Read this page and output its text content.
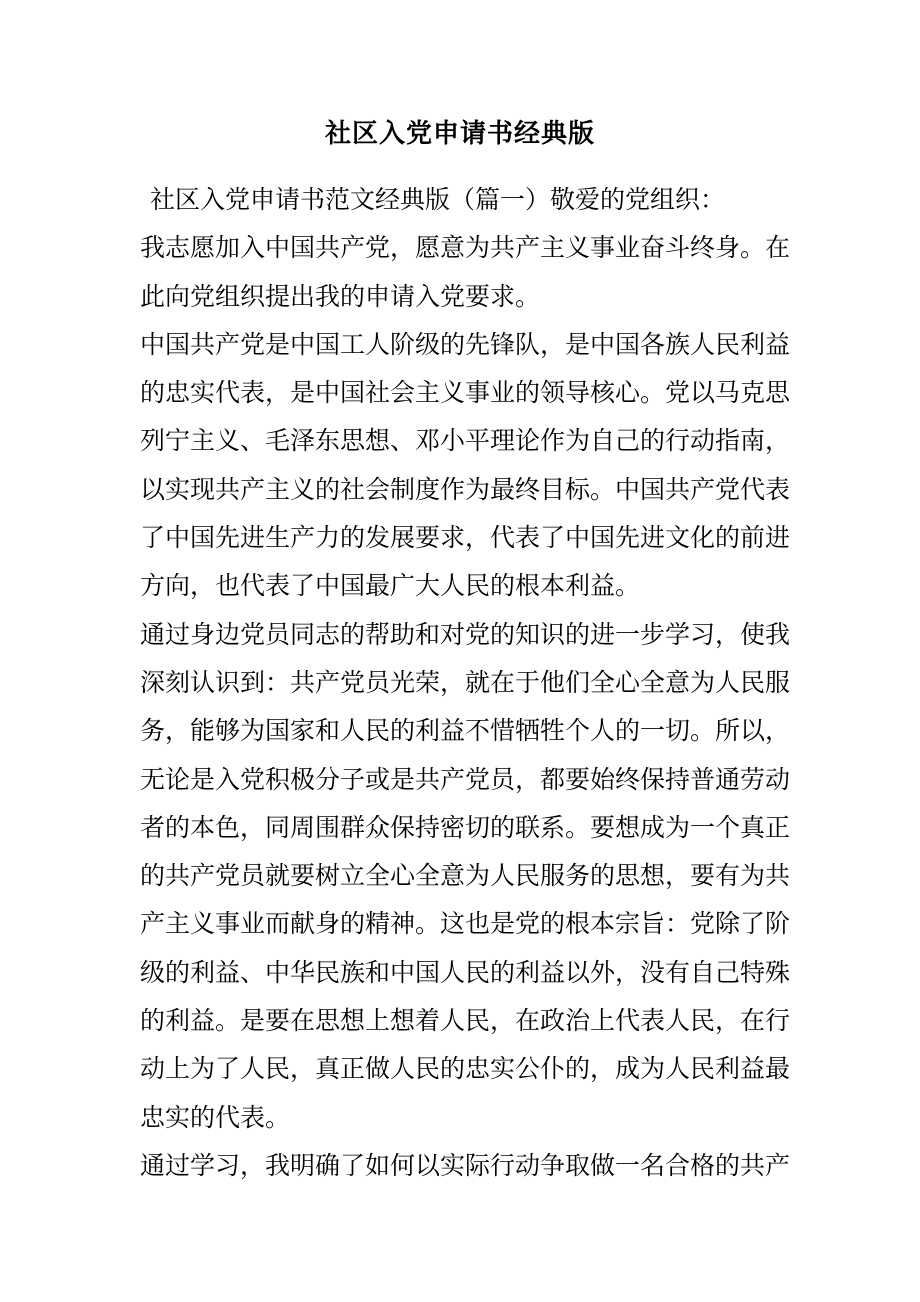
社区入党申请书经典版

社区入党申请书范文经典版（篇一）敬爱的党组织：

我志愿加入中国共产党，愿意为共产主义事业奋斗终身。在此向党组织提出我的申请入党要求。

中国共产党是中国工人阶级的先锋队，是中国各族人民利益的忠实代表，是中国社会主义事业的领导核心。党以马克思列宁主义、毛泽东思想、邓小平理论作为自己的行动指南，以实现共产主义的社会制度作为最终目标。中国共产党代表了中国先进生产力的发展要求，代表了中国先进文化的前进方向，也代表了中国最广大人民的根本利益。

通过身边党员同志的帮助和对党的知识的进一步学习，使我深刻认识到：共产党员光荣，就在于他们全心全意为人民服务，能够为国家和人民的利益不惜牺牲个人的一切。所以，无论是入党积极分子或是共产党员，都要始终保持普通劳动者的本色，同周围群众保持密切的联系。要想成为一个真正的共产党员就要树立全心全意为人民服务的思想，要有为共产主义事业而献身的精神。这也是党的根本宗旨：党除了阶级的利益、中华民族和中国人民的利益以外，没有自己特殊的利益。是要在思想上想着人民，在政治上代表人民，在行动上为了人民，真正做人民的忠实公仆的，成为人民利益最忠实的代表。

通过学习，我明确了如何以实际行动争取做一名合格的共产
